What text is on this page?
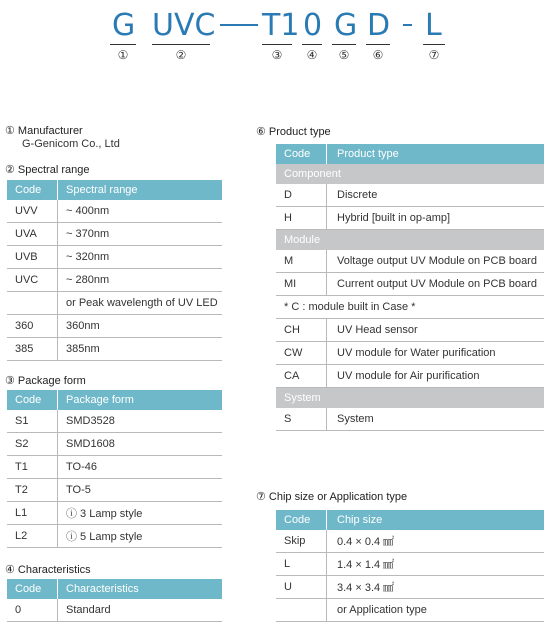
G UVC T1 0 G D L
①	②	③	④	⑤	⑥	⑦
① Manufacturer
G-Genicom Co., Ltd
② Spectral range
Code	Spectral range
UVV	~ 400nm
UVA	~ 370nm
UVB	~ 320nm
UVC	~ 280nm
	or Peak wavelength of UV LED
360	360nm
385	385nm
③ Package form
Code	Package form
S1	SMD3528
S2	SMD1608
T1	TO-46
T2	TO-5
L1	ⓘ 3 Lamp style
L2	ⓘ 5 Lamp style
④ Characteristics
Code	Characteristics
0	Standard
⑥ Product type
Code	Product type
Component	
D	Discrete
H	Hybrid [built in op-amp]
Module	
M	Voltage output UV Module on PCB board
MI	Current output UV Module on PCB board
* C : module built in Case *	
CH	UV Head sensor
CW	UV module for Water purification
CA	UV module for Air purification
System	
S	System
⑦ Chip size or Application type
Code	Chip size
Skip	0.4 × 0.4 ㎟
L	1.4 × 1.4 ㎟
U	3.4 × 3.4 ㎟
	or Application type
